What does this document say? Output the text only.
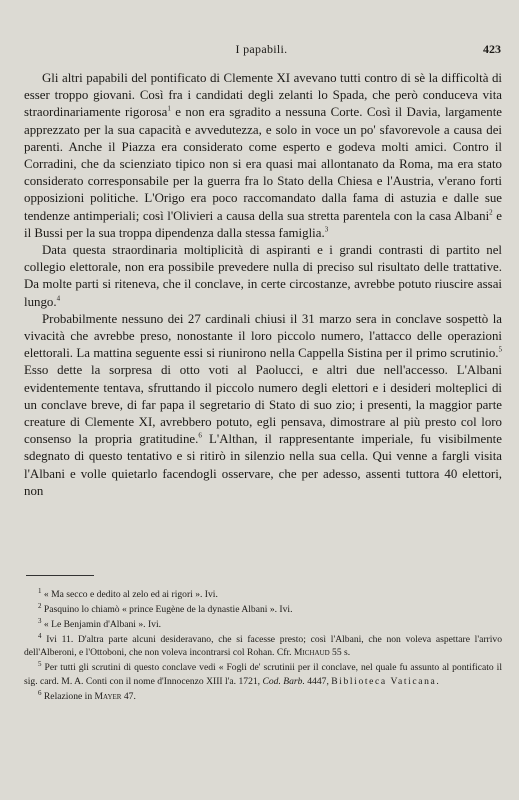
I papabili.	423

Gli altri papabili del pontificato di Clemente XI avevano tutti contro di sè la difficoltà di esser troppo giovani. Così fra i candidati degli zelanti lo Spada, che però conduceva vita straordinariamente rigorosa$^1$ e non era sgradito a nessuna Corte. Così il Davia, largamente apprezzato per la sua capacità e avvedutezza, e solo in voce un po' sfavorevole a causa dei parenti. Anche il Piazza era considerato come esperto e godeva molti amici. Contro il Corradini, che da scienziato tipico non si era quasi mai allontanato da Roma, ma era stato considerato corresponsabile per la guerra fra lo Stato della Chiesa e l'Austria, v'erano forti opposizioni politiche. L'Origo era poco raccomandato dalla fama di astuzia e dalle sue tendenze antimperiali; così l'Olivieri a causa della sua stretta parentela con la casa Albani$^2$ e il Bussi per la sua troppa dipendenza dalla stessa famiglia.$^3$

Data questa straordinaria moltiplicità di aspiranti e i grandi contrasti di partito nel collegio elettorale, non era possibile prevedere nulla di preciso sul risultato delle trattative. Da molte parti si riteneva, che il conclave, in certe circostanze, avrebbe potuto riuscire assai lungo.$^4$

Probabilmente nessuno dei 27 cardinali chiusi il 31 marzo sera in conclave sospettò la vivacità che avrebbe preso, nonostante il loro piccolo numero, l'attacco delle operazioni elettorali. La mattina seguente essi si riunirono nella Cappella Sistina per il primo scrutinio.$^5$ Esso dette la sorpresa di otto voti al Paolucci, e altri due nell'accesso. L'Albani evidentemente tentava, sfruttando il piccolo numero degli elettori e i desideri molteplici di un conclave breve, di far papa il segretario di Stato di suo zio; i presenti, la maggior parte creature di Clemente XI, avrebbero potuto, egli pensava, dimostrare al più presto col loro consenso la propria gratitudine.$^6$ L'Althan, il rappresentante imperiale, fu visibilmente sdegnato di questo tentativo e si ritirò in silenzio nella sua cella. Qui venne a fargli visita l'Albani e volle quietarlo facendogli osservare, che per adesso, assenti tuttora 40 elettori, non

$^1$ « Ma secco e dedito al zelo ed ai rigori ». Ivi.

$^2$ Pasquino lo chiamò « prince Eugène de la dynastie Albani ». Ivi.

$^3$ « Le Benjamin d'Albani ». Ivi.

$^4$ Ivi 11. D'altra parte alcuni desideravano, che si facesse presto; così l'Albani, che non voleva aspettare l'arrivo dell'Alberoni, e l'Ottoboni, che non voleva incontrarsi col Rohan. Cfr. Michaud 55 s.

$^5$ Per tutti gli scrutini di questo conclave vedi « Fogli de' scrutinii per il conclave, nel quale fu assunto al pontificato il sig. card. M. A. Conti con il nome d'Innocenzo XIII l'a. 1721, Cod. Barb. 4447, Biblioteca Vaticana.

$^6$ Relazione in Mayer 47.
